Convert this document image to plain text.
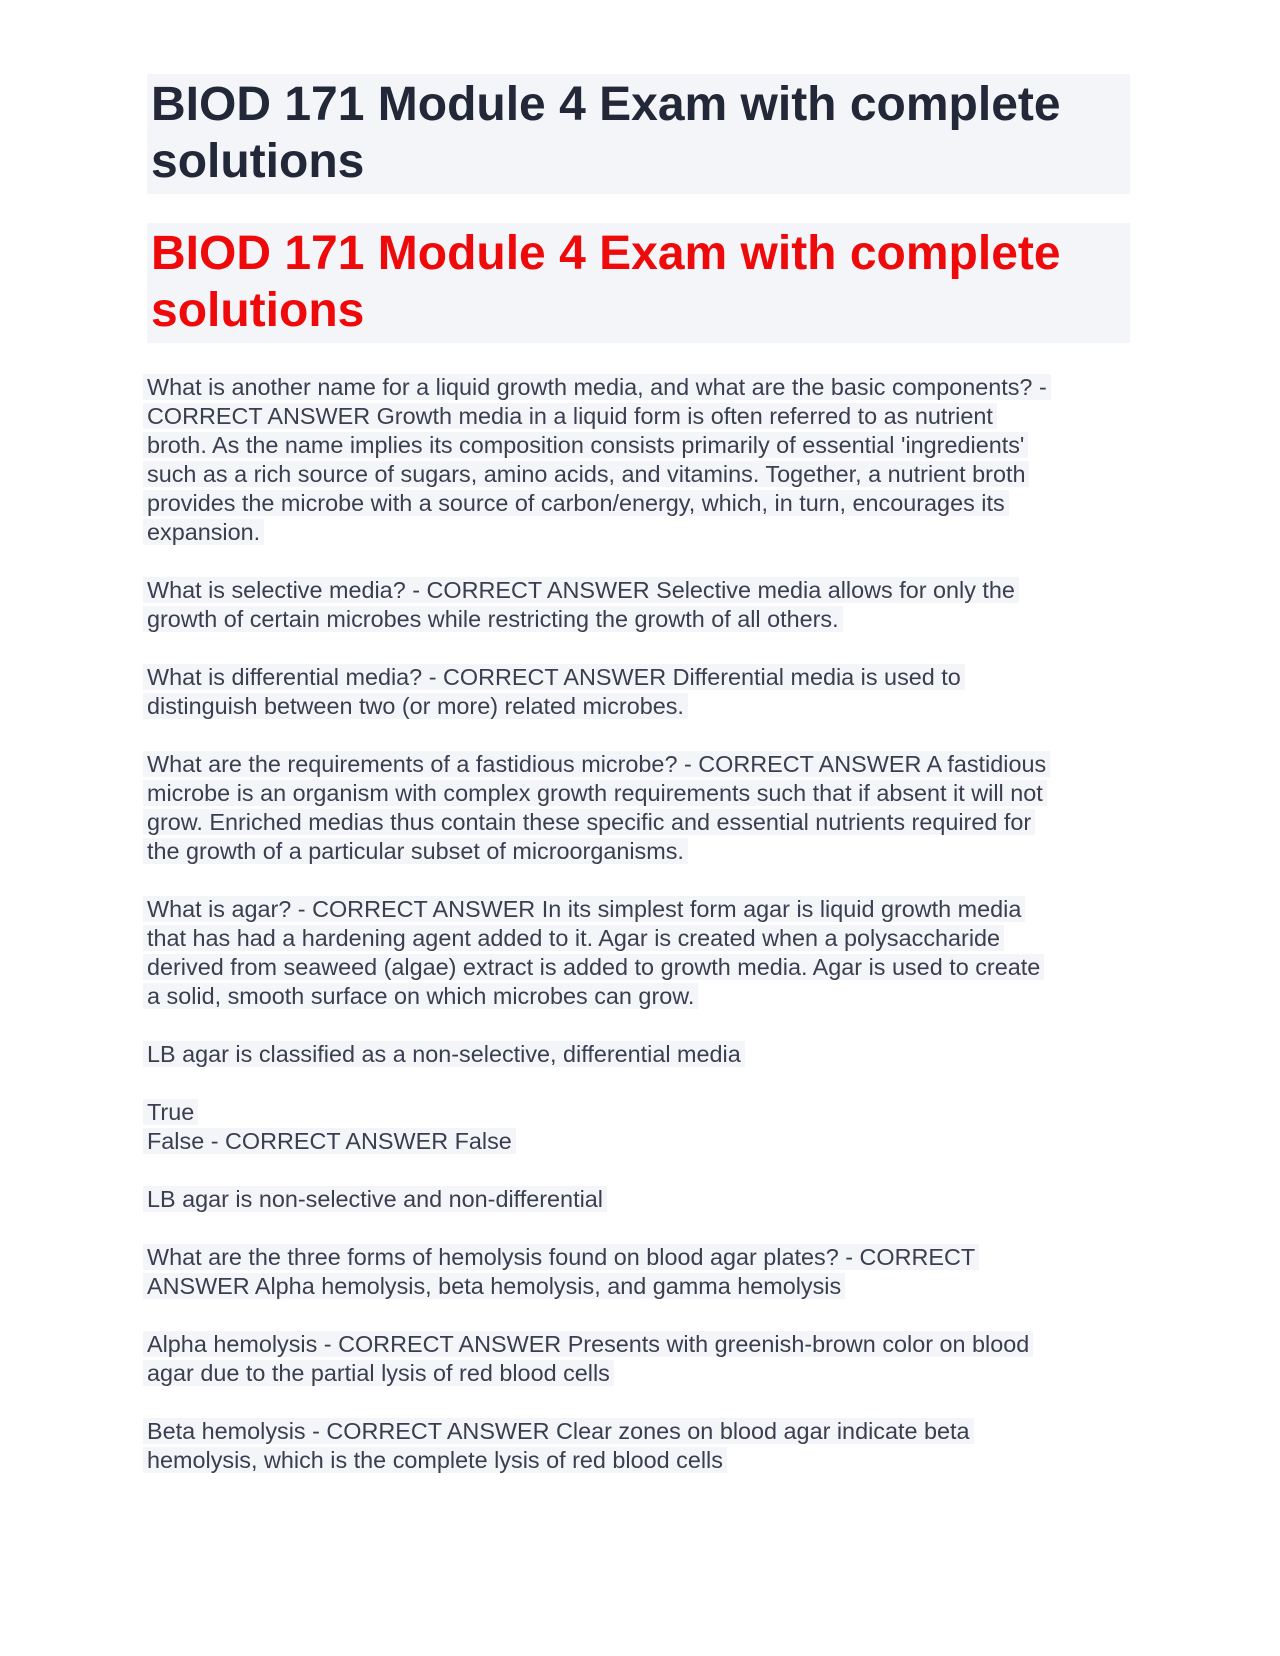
BIOD 171 Module 4 Exam with complete
solutions
BIOD 171 Module 4 Exam with complete
solutions
What is another name for a liquid growth media, and what are the basic components? -
CORRECT ANSWER Growth media in a liquid form is often referred to as nutrient
broth. As the name implies its composition consists primarily of essential 'ingredients'
such as a rich source of sugars, amino acids, and vitamins. Together, a nutrient broth
provides the microbe with a source of carbon/energy, which, in turn, encourages its
expansion.
What is selective media? - CORRECT ANSWER Selective media allows for only the
growth of certain microbes while restricting the growth of all others.
What is differential media? - CORRECT ANSWER Differential media is used to
distinguish between two (or more) related microbes.
What are the requirements of a fastidious microbe? - CORRECT ANSWER A fastidious
microbe is an organism with complex growth requirements such that if absent it will not
grow. Enriched medias thus contain these specific and essential nutrients required for
the growth of a particular subset of microorganisms.
What is agar? - CORRECT ANSWER In its simplest form agar is liquid growth media
that has had a hardening agent added to it. Agar is created when a polysaccharide
derived from seaweed (algae) extract is added to growth media. Agar is used to create
a solid, smooth surface on which microbes can grow.
LB agar is classified as a non-selective, differential media
True
False - CORRECT ANSWER False
LB agar is non-selective and non-differential
What are the three forms of hemolysis found on blood agar plates? - CORRECT
ANSWER Alpha hemolysis, beta hemolysis, and gamma hemolysis
Alpha hemolysis - CORRECT ANSWER Presents with greenish-brown color on blood
agar due to the partial lysis of red blood cells
Beta hemolysis - CORRECT ANSWER Clear zones on blood agar indicate beta
hemolysis, which is the complete lysis of red blood cells
